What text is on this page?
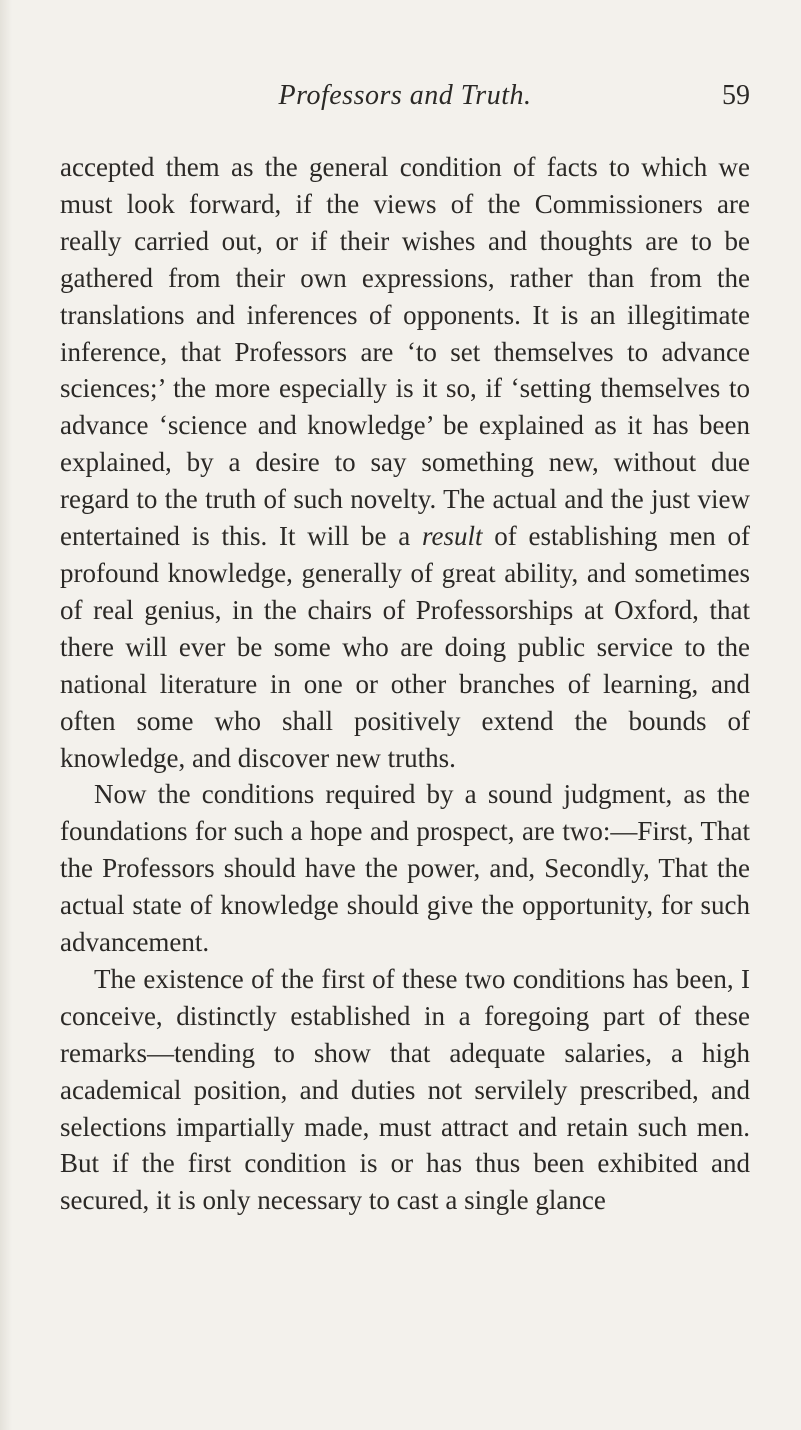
Professors and Truth.	59

accepted them as the general condition of facts to which we must look forward, if the views of the Commissioners are really carried out, or if their wishes and thoughts are to be gathered from their own expressions, rather than from the translations and inferences of opponents. It is an illegitimate inference, that Professors are ‘to set themselves to advance sciences;’ the more especially is it so, if ‘setting themselves to advance ‘science and knowledge’ be explained as it has been explained, by a desire to say something new, without due regard to the truth of such novelty. The actual and the just view entertained is this. It will be a result of establishing men of profound knowledge, generally of great ability, and sometimes of real genius, in the chairs of Professorships at Oxford, that there will ever be some who are doing public service to the national literature in one or other branches of learning, and often some who shall positively extend the bounds of knowledge, and discover new truths.

Now the conditions required by a sound judgment, as the foundations for such a hope and prospect, are two:—First, That the Professors should have the power, and, Secondly, That the actual state of knowledge should give the opportunity, for such advancement.

The existence of the first of these two conditions has been, I conceive, distinctly established in a foregoing part of these remarks—tending to show that adequate salaries, a high academical position, and duties not servilely prescribed, and selections impartially made, must attract and retain such men. But if the first condition is or has thus been exhibited and secured, it is only necessary to cast a single glance
